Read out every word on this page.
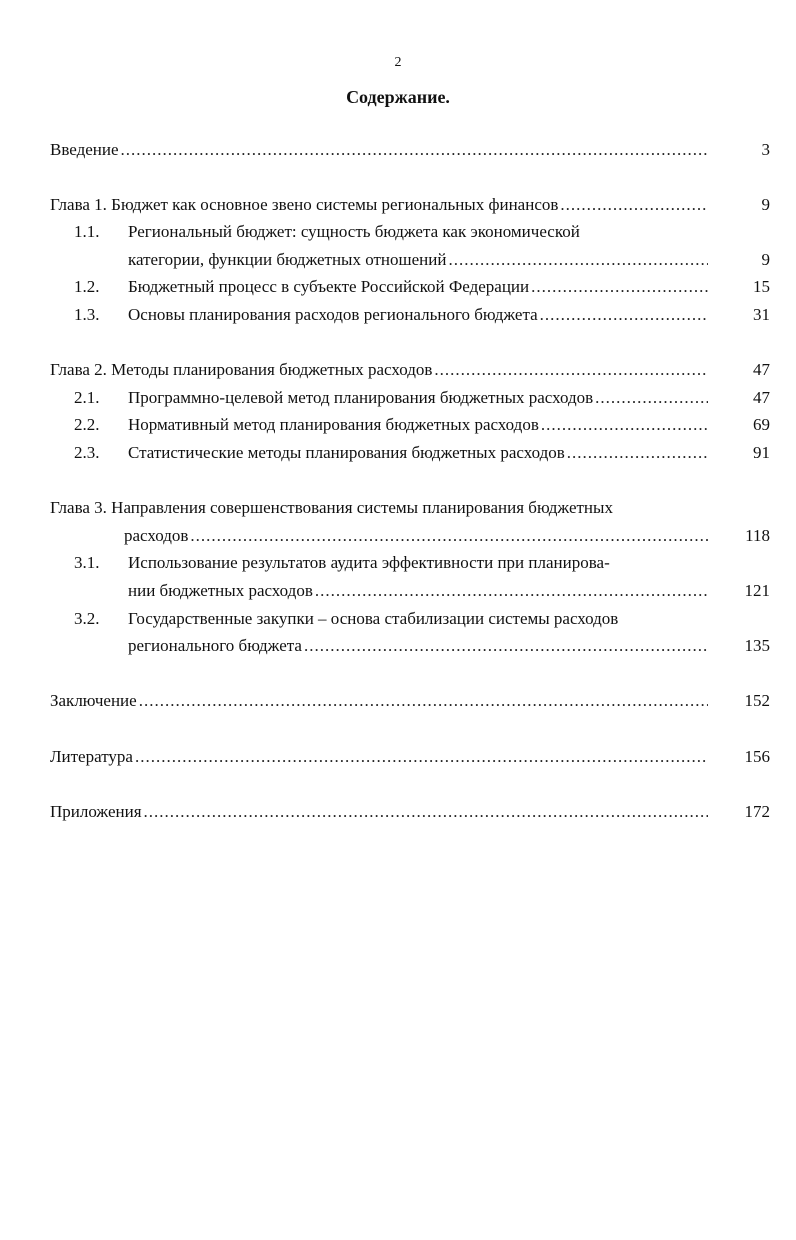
2
Содержание.
Введение .....	3
Глава 1. Бюджет как основное звено системы региональных финансов .....	9
1.1.	Региональный бюджет: сущность бюджета как экономической
категории, функции бюджетных отношений .....	9
1.2.	Бюджетный процесс в субъекте Российской Федерации .....	15
1.3.	Основы планирования расходов регионального бюджета .....	31
Глава 2. Методы планирования бюджетных расходов .....	47
2.1.	Программно-целевой метод планирования бюджетных расходов .....	47
2.2.	Нормативный метод планирования бюджетных расходов .....	69
2.3.	Статистические методы планирования бюджетных расходов .....	91
Глава 3. Направления совершенствования системы планирования бюджетных
расходов .....	118
3.1.	Использование результатов аудита эффективности при планирова-
нии бюджетных расходов .....	121
3.2.	Государственные закупки – основа стабилизации системы расходов
регионального бюджета .....	135
Заключение .....	152
Литература .....	156
Приложения .....	172
